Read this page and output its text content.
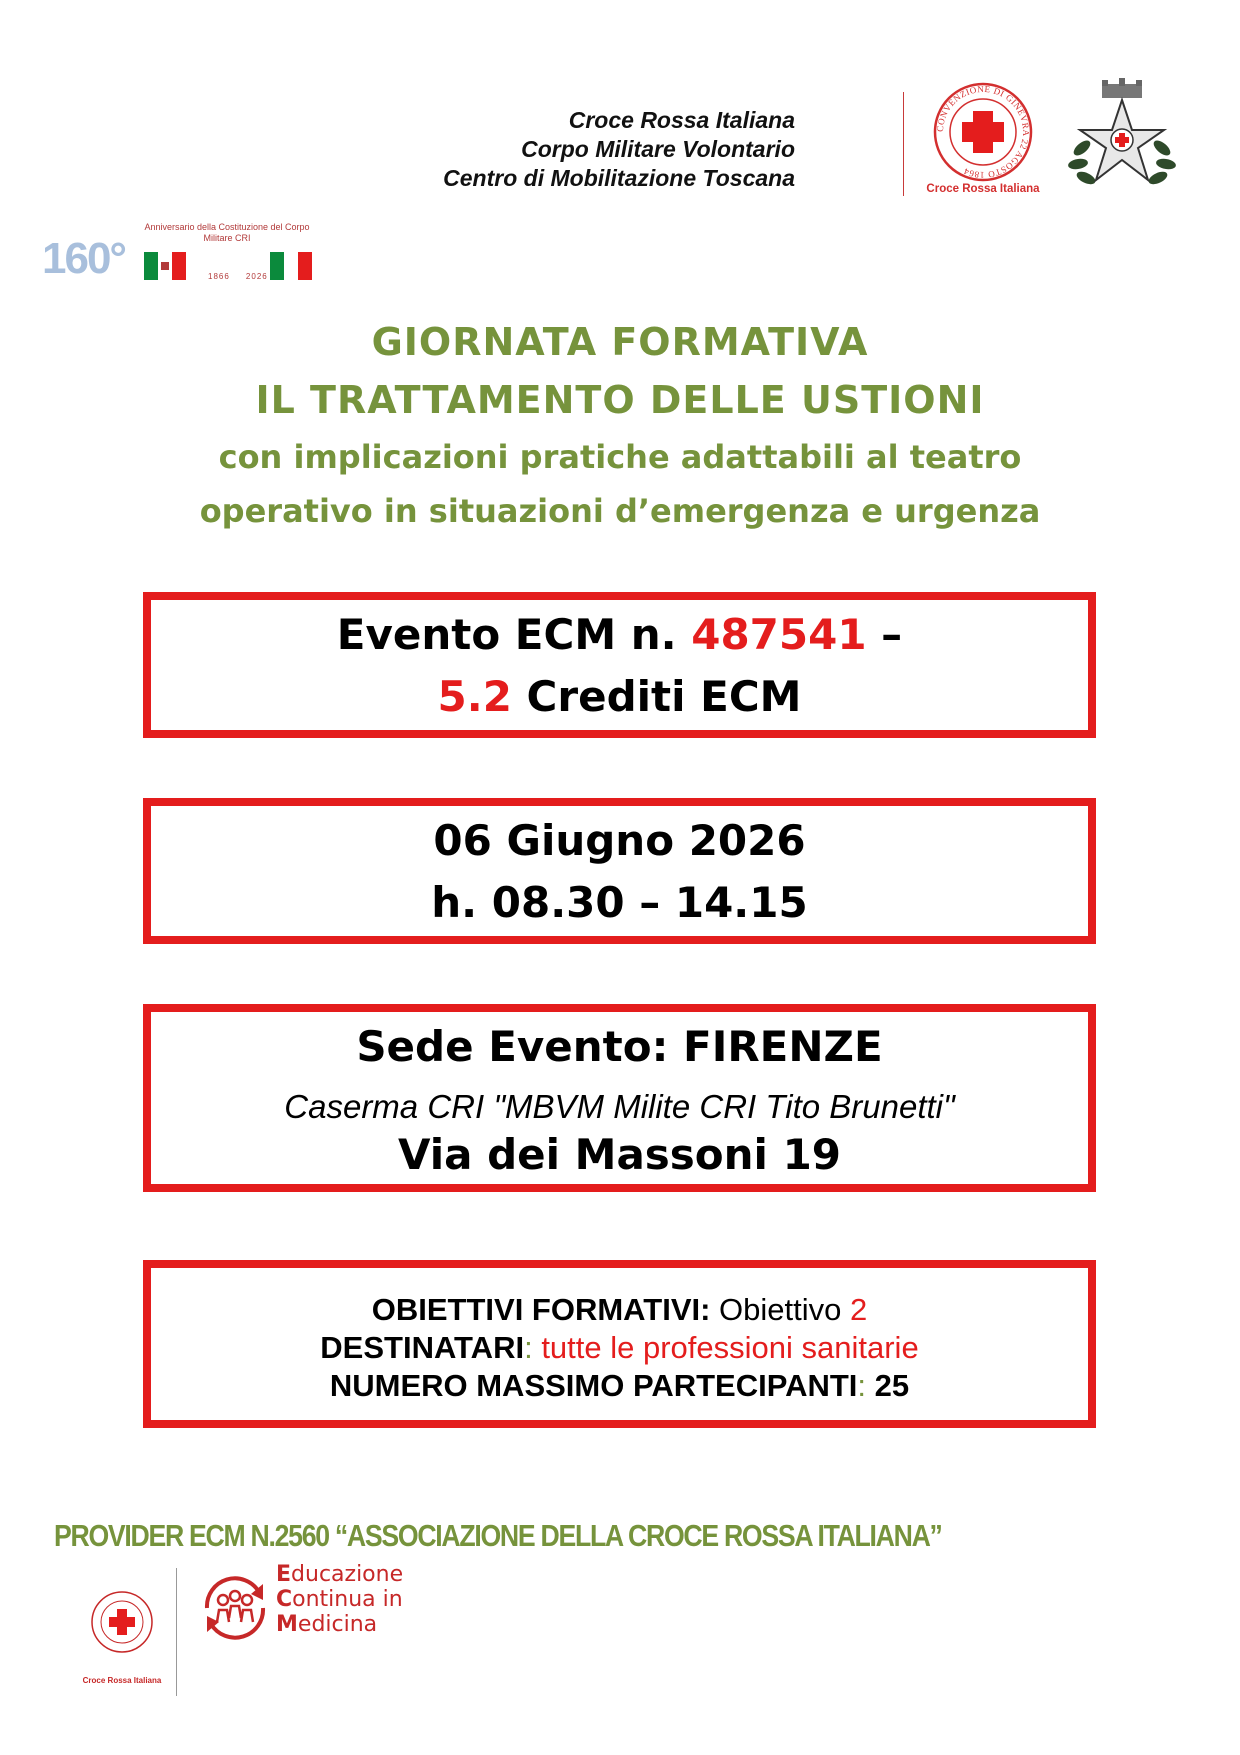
Croce Rossa Italiana
Corpo Militare Volontario
Centro di Mobilitazione Toscana
CONVENZIONE DI GINEVRA 22 AGOSTO 1864
Croce Rossa Italiana
160°
Anniversario della Costituzione del Corpo Militare CRI
1866 2026
GIORNATA FORMATIVA
IL TRATTAMENTO DELLE USTIONI
con implicazioni pratiche adattabili al teatro
operativo in situazioni d’emergenza e urgenza
Evento ECM n. 487541 –
5.2 Crediti ECM
06 Giugno 2026
h. 08.30 – 14.15
Sede Evento: FIRENZE
Caserma CRI "MBVM Milite CRI Tito Brunetti"
Via dei Massoni 19
OBIETTIVI FORMATIVI: Obiettivo 2
DESTINATARI: tutte le professioni sanitarie
NUMERO MASSIMO PARTECIPANTI: 25
PROVIDER ECM N.2560 “ASSOCIAZIONE DELLA CROCE ROSSA ITALIANA”
Croce Rossa Italiana
Educazione
Continua in
Medicina
